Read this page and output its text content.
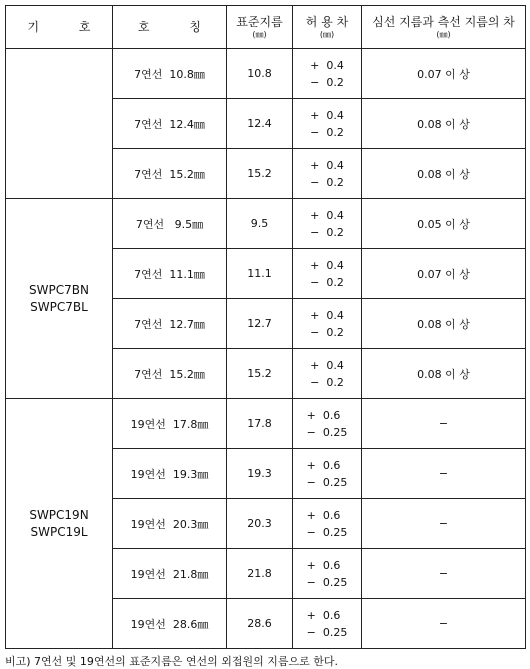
기 호	호 칭	표준지름
(㎜)	허 용 차
(㎜)	심선 지름과 측선 지름의 차
(㎜)

	7연선  10.8㎜	10.8	+  0.4
−  0.2	0.07 이 상
	7연선  12.4㎜	12.4	+  0.4
−  0.2	0.08 이 상
	7연선  15.2㎜	15.2	+  0.4
−  0.2	0.08 이 상

SWPC7BN
SWPC7BL	7연선   9.5㎜	9.5	+  0.4
−  0.2	0.05 이 상
	7연선  11.1㎜	11.1	+  0.4
−  0.2	0.07 이 상
	7연선  12.7㎜	12.7	+  0.4
−  0.2	0.08 이 상
	7연선  15.2㎜	15.2	+  0.4
−  0.2	0.08 이 상

SWPC19N
SWPC19L	19연선  17.8㎜	17.8	+  0.6
−  0.25	−
	19연선  19.3㎜	19.3	+  0.6
−  0.25	−
	19연선  20.3㎜	20.3	+  0.6
−  0.25	−
	19연선  21.8㎜	21.8	+  0.6
−  0.25	−
	19연선  28.6㎜	28.6	+  0.6
−  0.25	−
비고) 7연선 및 19연선의 표준지름은 연선의 외접원의 지름으로 한다.
